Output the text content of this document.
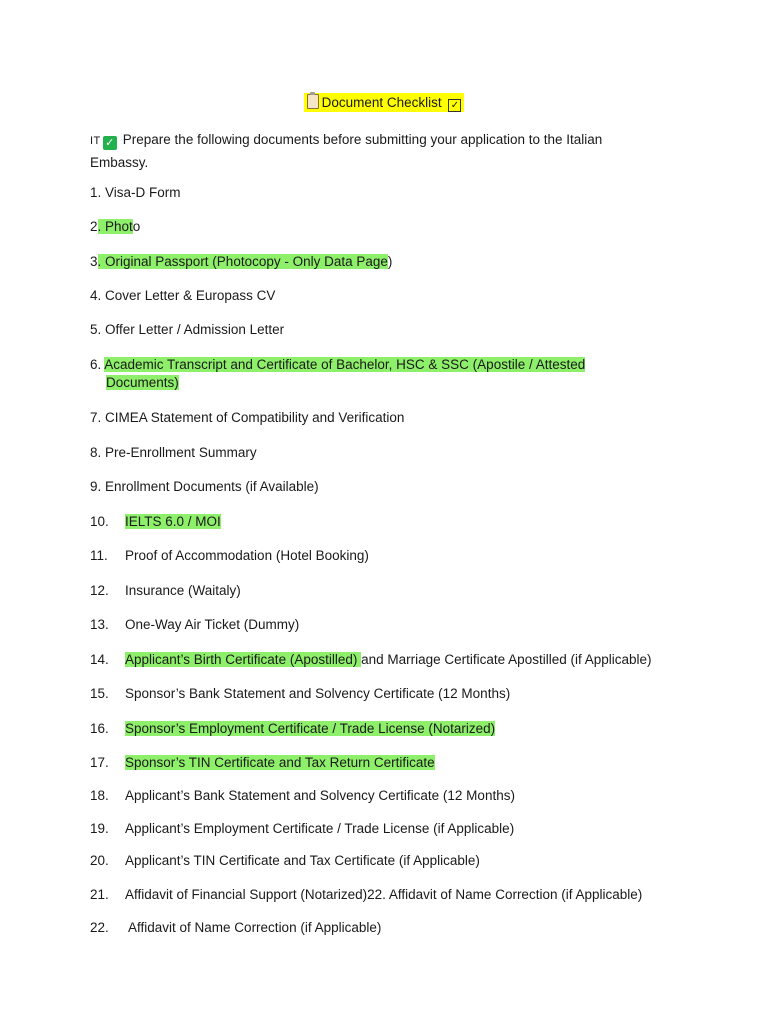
Document Checklist ✓
IT ✓ Prepare the following documents before submitting your application to the Italian
Embassy.
1. Visa-D Form
2. Photo
3. Original Passport (Photocopy - Only Data Page)
4. Cover Letter & Europass CV
5. Offer Letter / Admission Letter
6. Academic Transcript and Certificate of Bachelor, HSC & SSC (Apostile / Attested
Documents)
7. CIMEA Statement of Compatibility and Verification
8. Pre-Enrollment Summary
9. Enrollment Documents (if Available)
10. IELTS 6.0 / MOI
11. Proof of Accommodation (Hotel Booking)
12. Insurance (Waitaly)
13. One-Way Air Ticket (Dummy)
14. Applicant’s Birth Certificate (Apostilled) and Marriage Certificate Apostilled (if Applicable)
15. Sponsor’s Bank Statement and Solvency Certificate (12 Months)
16. Sponsor’s Employment Certificate / Trade License (Notarized)
17. Sponsor’s TIN Certificate and Tax Return Certificate
18. Applicant’s Bank Statement and Solvency Certificate (12 Months)
19. Applicant’s Employment Certificate / Trade License (if Applicable)
20. Applicant’s TIN Certificate and Tax Certificate (if Applicable)
21. Affidavit of Financial Support (Notarized)22. Affidavit of Name Correction (if Applicable)
22. Affidavit of Name Correction (if Applicable)
